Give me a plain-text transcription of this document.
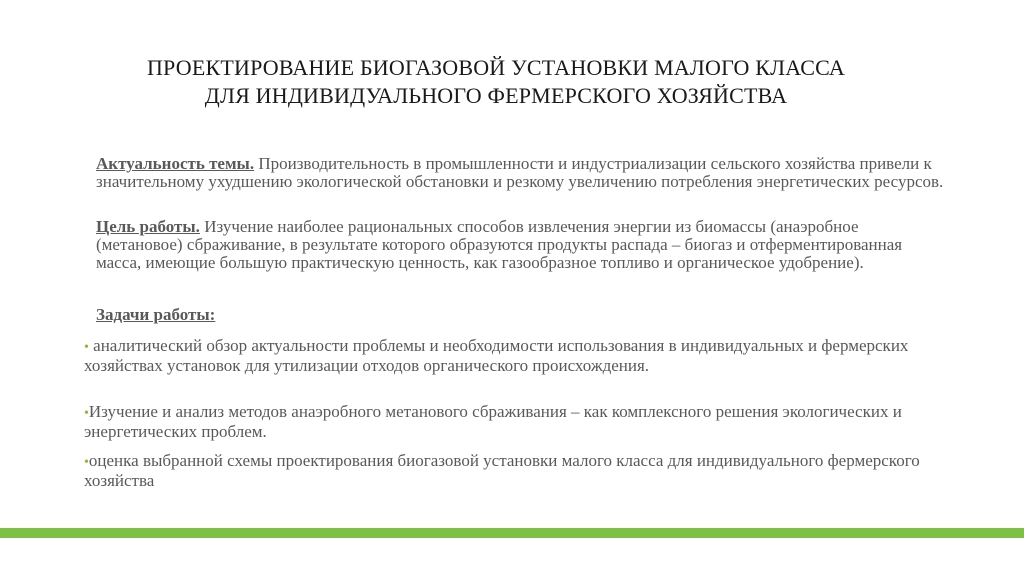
ПРОЕКТИРОВАНИЕ БИОГАЗОВОЙ УСТАНОВКИ МАЛОГО КЛАССА ДЛЯ ИНДИВИДУАЛЬНОГО ФЕРМЕРСКОГО ХОЗЯЙСТВА

Актуальность темы. Производительность в промышленности и индустриализации сельского хозяйства привели к значительному ухудшению экологической обстановки и резкому увеличению потребления энергетических ресурсов.

Цель работы. Изучение наиболее рациональных способов извлечения энергии из биомассы (анаэробное (метановое) сбраживание, в результате которого образуются продукты распада – биогаз и отферментированная масса, имеющие большую практическую ценность, как газообразное топливо и органическое удобрение).

Задачи работы:

• аналитический обзор актуальности проблемы и необходимости использования в индивидуальных и фермерских хозяйствах установок для утилизации отходов органического происхождения.

•Изучение и анализ методов анаэробного метанового сбраживания – как комплексного решения экологических и энергетических проблем.

•оценка выбранной схемы проектирования биогазовой установки малого класса для индивидуального фермерского хозяйства
